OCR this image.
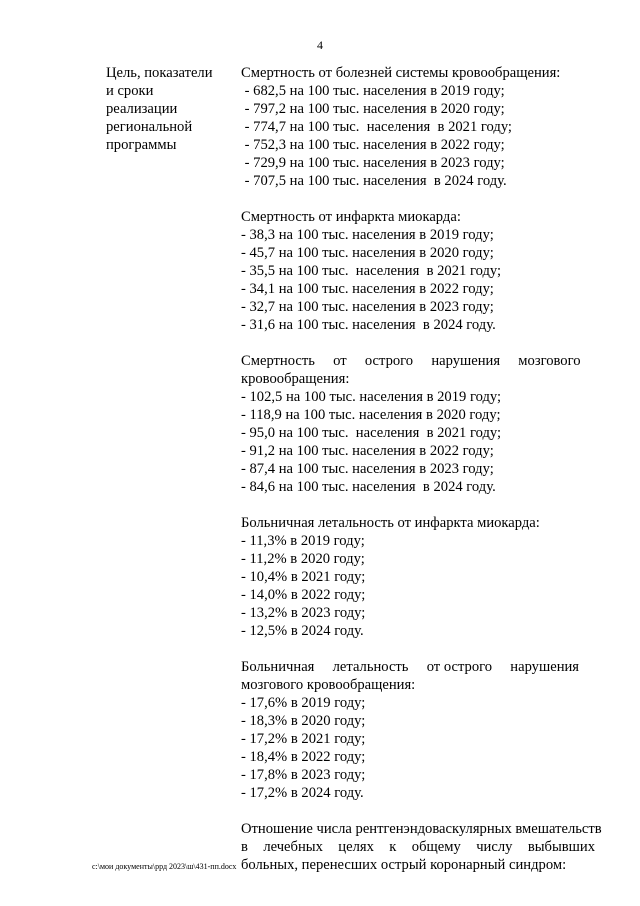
4
Цель, показатели
и сроки
реализации
региональной
программы
Смертность от болезней системы кровообращения:
- 682,5 на 100 тыс. населения в 2019 году;
- 797,2 на 100 тыс. населения в 2020 году;
- 774,7 на 100 тыс.  населения  в 2021 году;
- 752,3 на 100 тыс. населения в 2022 году;
- 729,9 на 100 тыс. населения в 2023 году;
- 707,5 на 100 тыс. населения  в 2024 году.
Смертность от инфаркта миокарда:
- 38,3 на 100 тыс. населения в 2019 году;
- 45,7 на 100 тыс. населения в 2020 году;
- 35,5 на 100 тыс.  населения  в 2021 году;
- 34,1 на 100 тыс. населения в 2022 году;
- 32,7 на 100 тыс. населения в 2023 году;
- 31,6 на 100 тыс. населения  в 2024 году.
Смертность     от     острого     нарушения     мозгового
кровообращения:
- 102,5 на 100 тыс. населения в 2019 году;
- 118,9 на 100 тыс. населения в 2020 году;
- 95,0 на 100 тыс.  населения  в 2021 году;
- 91,2 на 100 тыс. населения в 2022 году;
- 87,4 на 100 тыс. населения в 2023 году;
- 84,6 на 100 тыс. населения  в 2024 году.
Больничная летальность от инфаркта миокарда:
- 11,3% в 2019 году;
- 11,2% в 2020 году;
- 10,4% в 2021 году;
- 14,0% в 2022 году;
- 13,2% в 2023 году;
- 12,5% в 2024 году.
Больничная     летальность     от острого     нарушения
мозгового кровообращения:
- 17,6% в 2019 году;
- 18,3% в 2020 году;
- 17,2% в 2021 году;
- 18,4% в 2022 году;
- 17,8% в 2023 году;
- 17,2% в 2024 году.
Отношение числа рентгенэндоваскулярных вмешательств
в лечебных целях к общему числу выбывших
больных, перенесших острый коронарный синдром:
c:\мои документы\ррд 2023\ш\431-пп.docx
